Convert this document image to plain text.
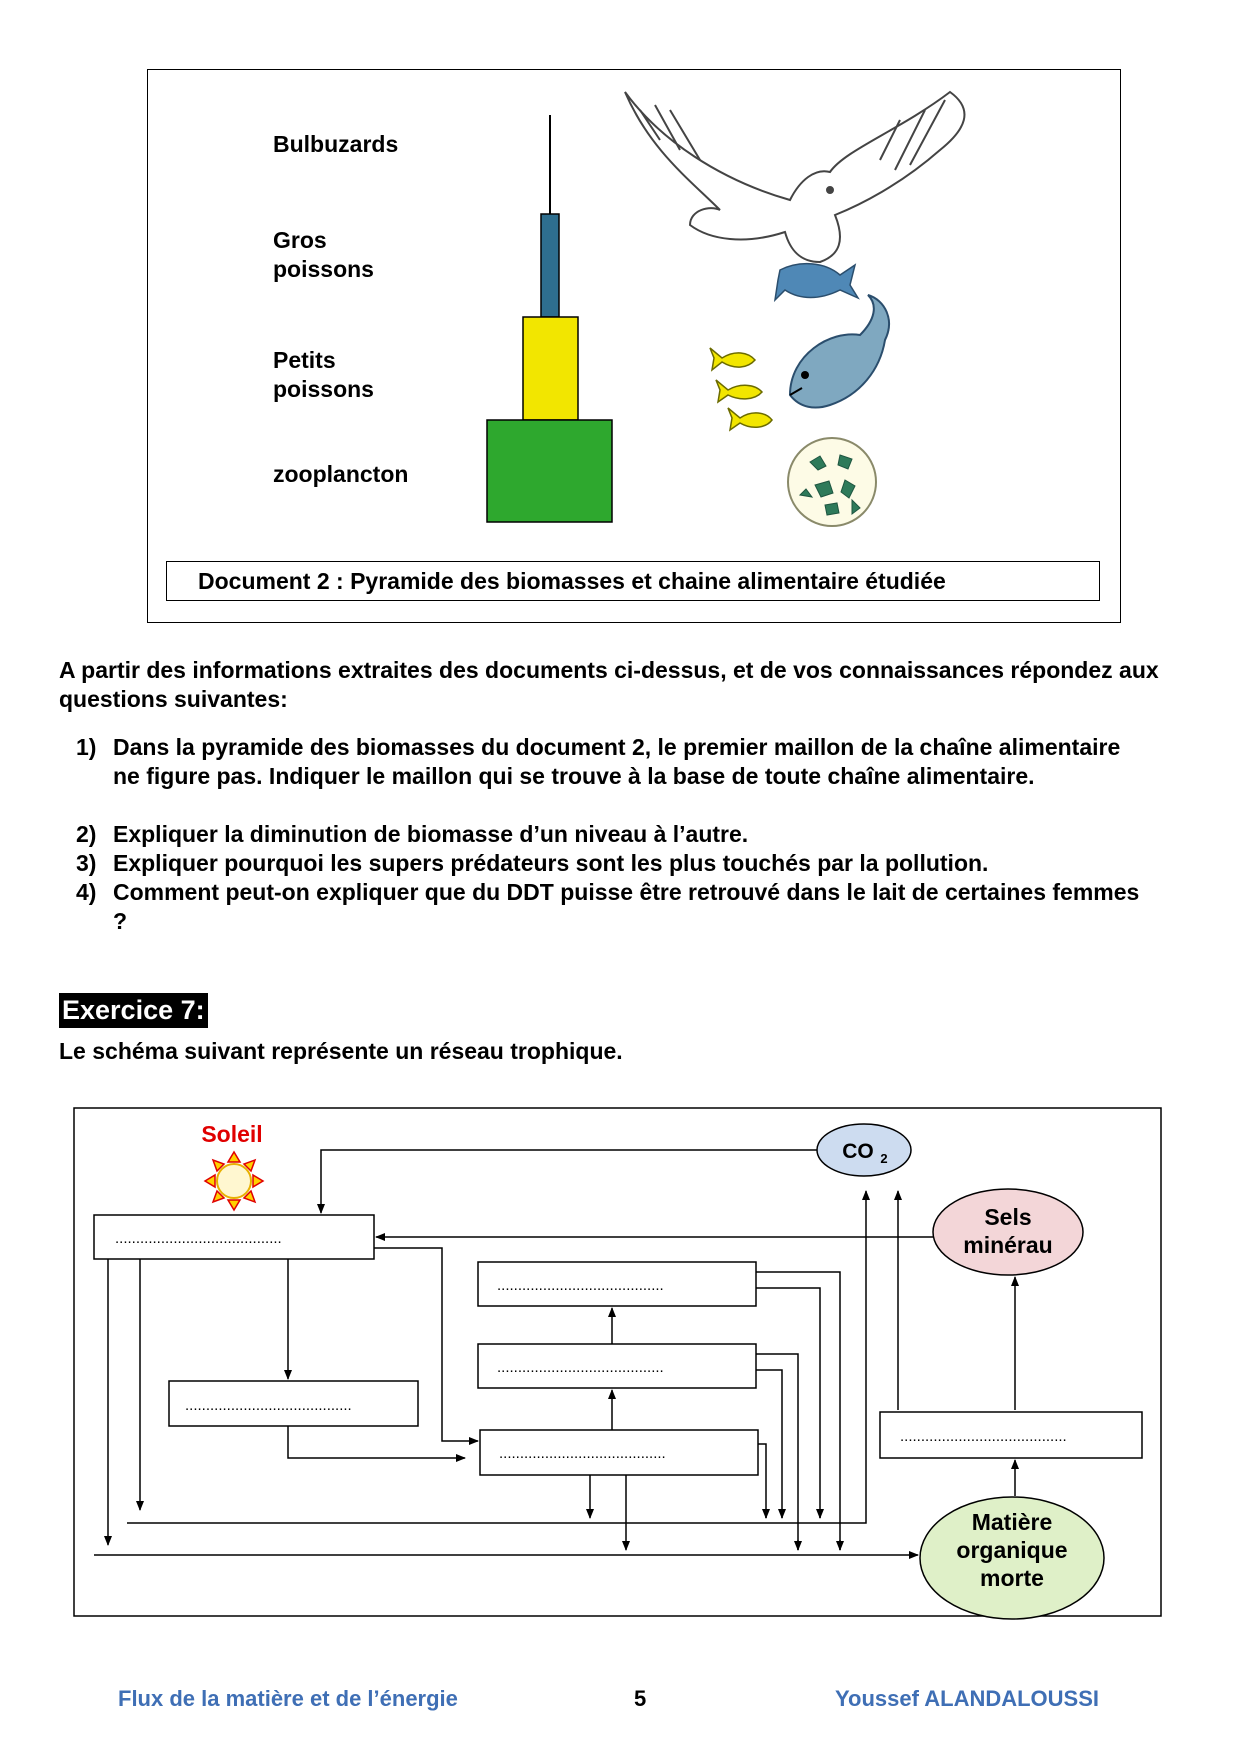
Bulbuzards
Gros
poissons
Petits
poissons
zooplancton
Document 2 : Pyramide des biomasses et chaine alimentaire étudiée
A partir des informations extraites des documents ci-dessus, et de vos connaissances répondez aux questions suivantes:
1) Dans la pyramide des biomasses du document 2, le premier maillon de la chaîne alimentaire ne figure pas. Indiquer le maillon qui se trouve à la base de toute chaîne alimentaire.
2) Expliquer la diminution de biomasse d’un niveau à l’autre.
3) Expliquer pourquoi les supers prédateurs sont les plus touchés par la pollution.
4) Comment peut-on expliquer que du DDT puisse être retrouvé dans le lait de certaines femmes ?
Exercice 7:
Le schéma suivant représente un réseau trophique.
Soleil
CO 2
Sels
minérau
Matière
organique
morte
........................................
........................................
........................................
........................................
........................................
........................................
Flux de la matière et de l’énergie	5	Youssef ALANDALOUSSI
